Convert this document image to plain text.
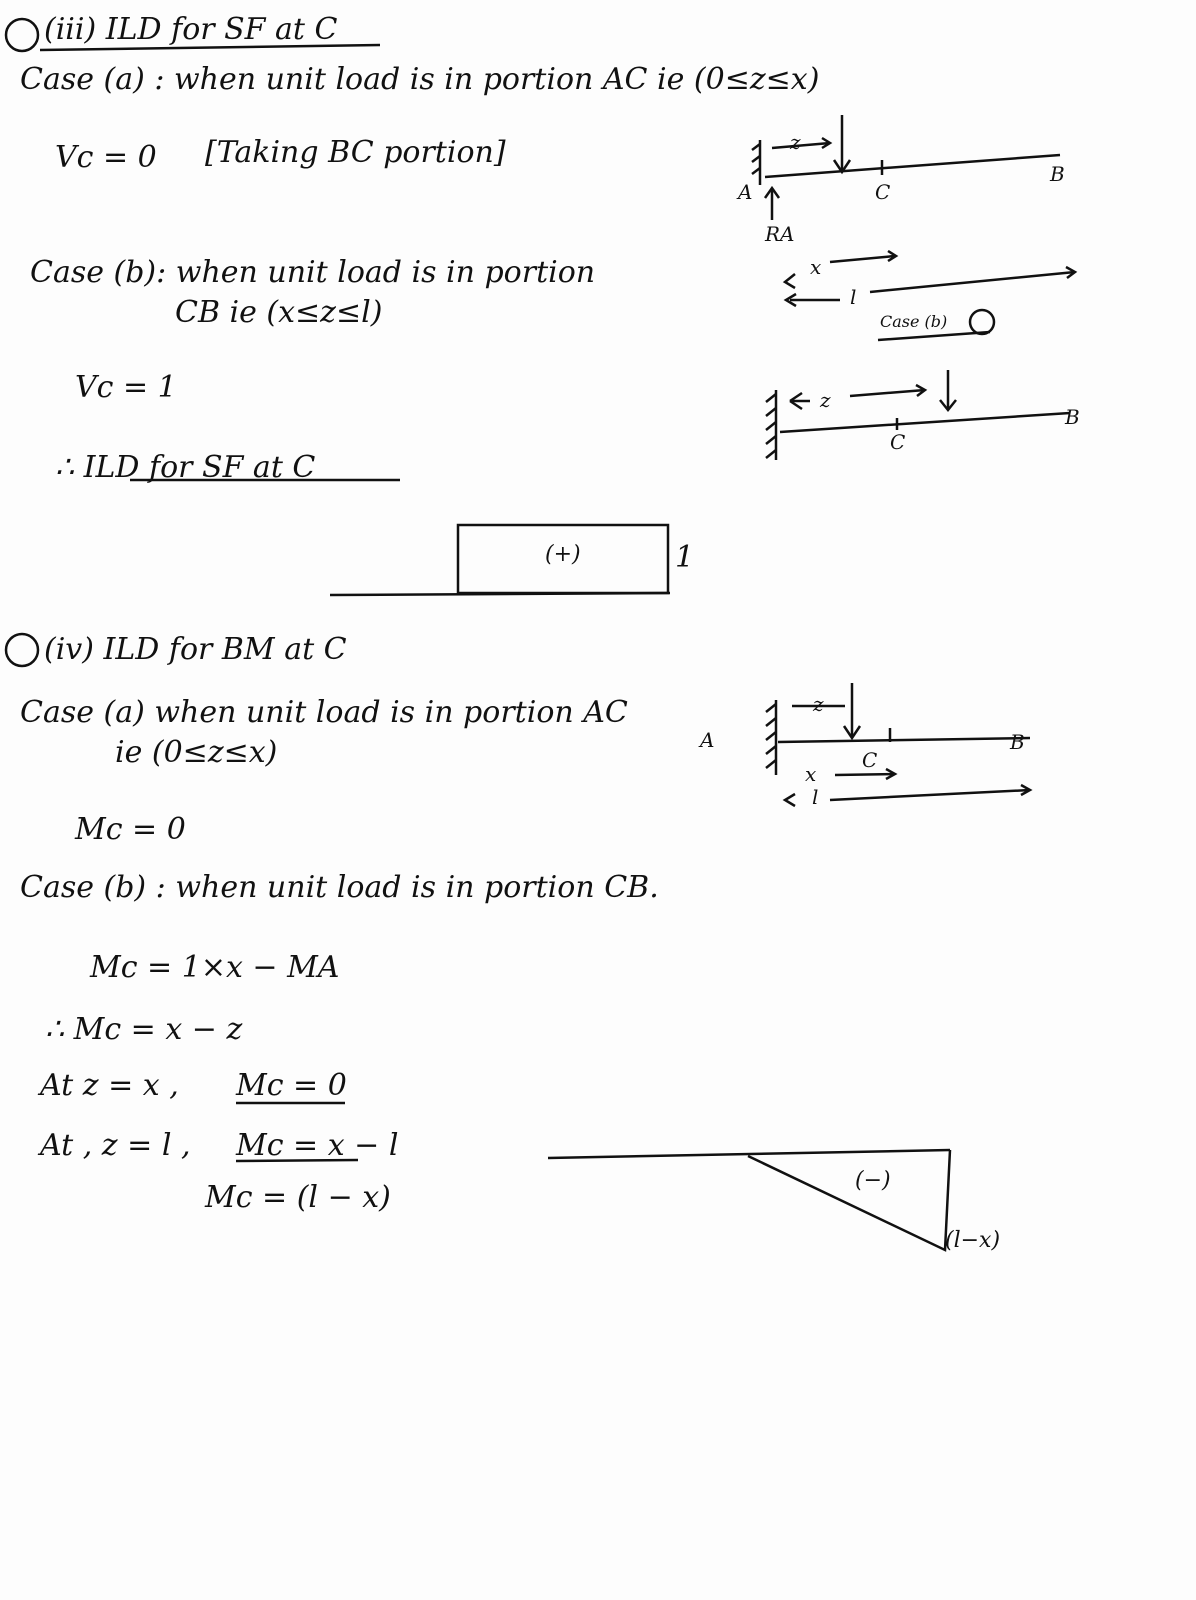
(iii) ILD for SF at C
Case (a) : when unit load is in portion AC ie (0≤z≤x)
Vc = 0 [Taking BC portion]
Case (b): when unit load is in portion
CB ie (x≤z≤l)
Vc = 1
∴ ILD for SF at C
(+)	1
A
B
C
z
RA
x
l
Case (b)
z
B
C
(iv) ILD for BM at C
Case (a) when unit load is in portion AC
ie (0≤z≤x)
Mc = 0
Case (b) : when unit load is in portion CB.
Mc = 1×x − MA
∴ Mc = x − z
At z = x , Mc = 0
At , z = l , Mc = x − l
Mc = (l − x)	(−)
(l−x)
A	B
C
z
x
l
